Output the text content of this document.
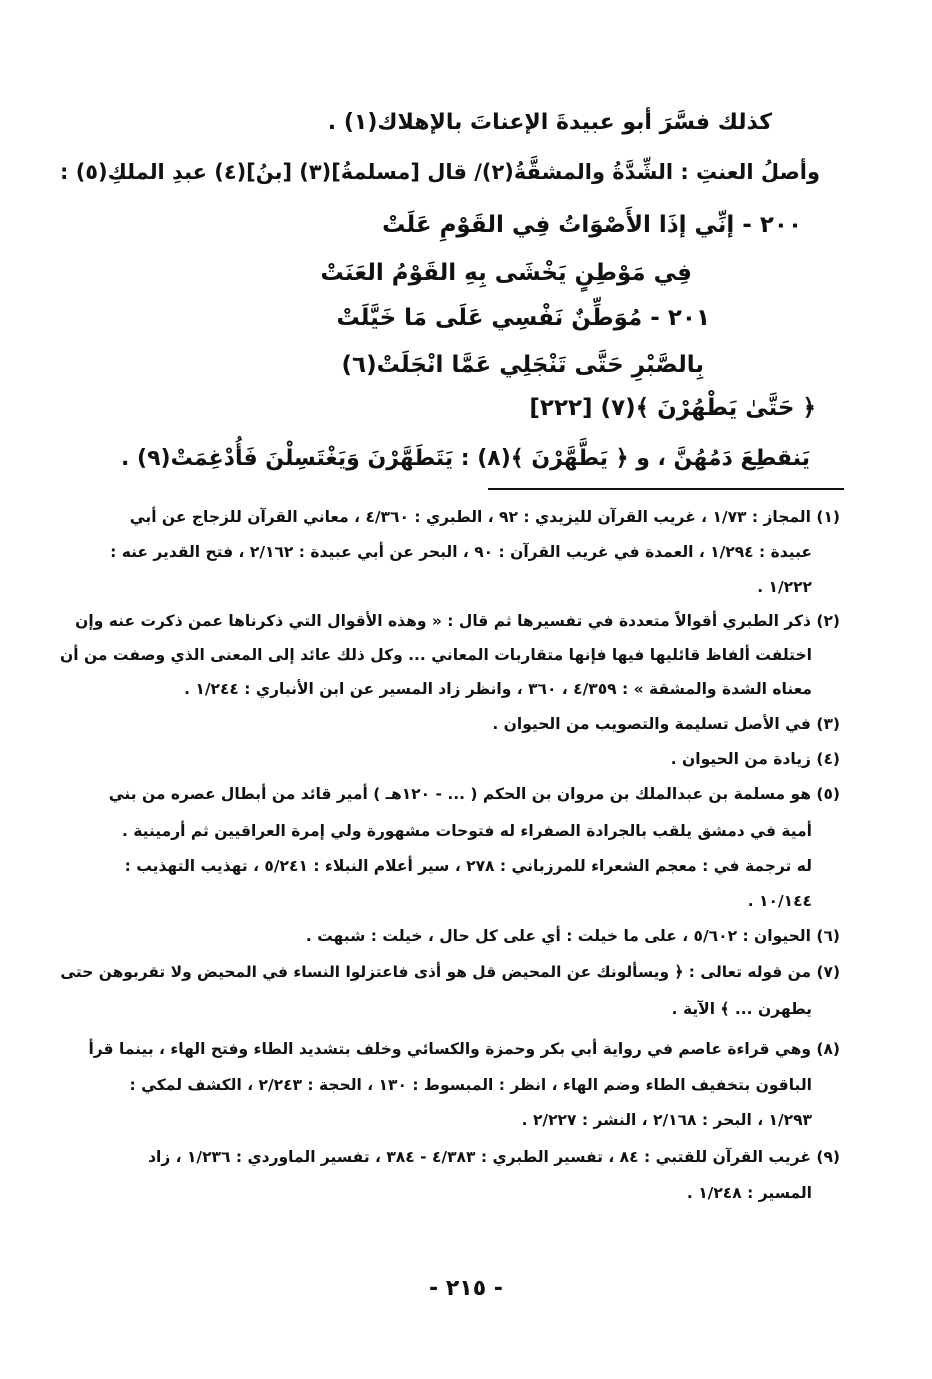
كذلك فسَّرَ أبو عبيدةَ الإعناتَ بالإهلاك(١) .
وأصلُ العنتِ : الشِّدَّةُ والمشقَّةُ(٢)/ قال [مسلمةُ](٣) [بنُ](٤) عبدِ الملكِ(٥) :
٢٠٠ - إنِّي إذَا الأَصْوَاتُ فِي القَوْمِ عَلَتْ
فِي مَوْطِنٍ يَخْشَى بِهِ القَوْمُ العَنَتْ
٢٠١ - مُوَطِّنٌ نَفْسِي عَلَى مَا خَيَّلَتْ
بِالصَّبْرِ حَتَّى تَنْجَلِي عَمَّا انْجَلَتْ(٦)
﴿ حَتَّىٰ يَطْهُرْنَ ﴾(٧) [٢٢٢]
يَنقطِعَ دَمُهُنَّ ، و ﴿ يَطَّهَّرْنَ ﴾(٨) : يَتَطَهَّرْنَ وَيَغْتَسِلْنَ فَأُدْغِمَتْ(٩) .
(١) المجاز : ١/٧٣ ، غريب القرآن لليزيدي : ٩٢ ، الطبري : ٤/٣٦٠ ، معاني القرآن للزجاج عن أبي
عبيدة : ١/٢٩٤ ، العمدة في غريب القرآن : ٩٠ ، البحر عن أبي عبيدة : ٢/١٦٢ ، فتح القدير عنه :
١/٢٢٢ .
(٢) ذكر الطبري أقوالاً متعددة في تفسيرها ثم قال : « وهذه الأقوال التي ذكرناها عمن ذكرت عنه وإن
اختلفت ألفاظ قائليها فيها فإنها متقاربات المعاني ... وكل ذلك عائد إلى المعنى الذي وصفت من أن
معناه الشدة والمشقة » : ٤/٣٥٩ ، ٣٦٠ ، وانظر زاد المسير عن ابن الأنباري : ١/٢٤٤ .
(٣) في الأصل تسليمة والتصويب من الحيوان .
(٤) زيادة من الحيوان .
(٥) هو مسلمة بن عبدالملك بن مروان بن الحكم ( ... - ١٢٠هـ ) أمير قائد من أبطال عصره من بني
أمية في دمشق يلقب بالجرادة الصفراء له فتوحات مشهورة ولي إمرة العراقيين ثم أرمينية .
له ترجمة في : معجم الشعراء للمرزباني : ٢٧٨ ، سير أعلام النبلاء : ٥/٢٤١ ، تهذيب التهذيب :
١٠/١٤٤ .
(٦) الحيوان : ٥/٦٠٢ ، على ما خيلت : أي على كل حال ، خيلت : شبهت .
(٧) من قوله تعالى : ﴿ ويسألونك عن المحيض قل هو أذى فاعتزلوا النساء في المحيض ولا تقربوهن حتى
يطهرن ... ﴾ الآية .
(٨) وهي قراءة عاصم في رواية أبي بكر وحمزة والكسائي وخلف بتشديد الطاء وفتح الهاء ، بينما قرأ
الباقون بتخفيف الطاء وضم الهاء ، انظر : المبسوط : ١٣٠ ، الحجة : ٢/٢٤٣ ، الكشف لمكي :
١/٢٩٣ ، البحر : ٢/١٦٨ ، النشر : ٢/٢٢٧ .
(٩) غريب القرآن للقتبي : ٨٤ ، تفسير الطبري : ٤/٣٨٣ - ٣٨٤ ، تفسير الماوردي : ١/٢٣٦ ، زاد
المسير : ١/٢٤٨ .
- ٢١٥ -
